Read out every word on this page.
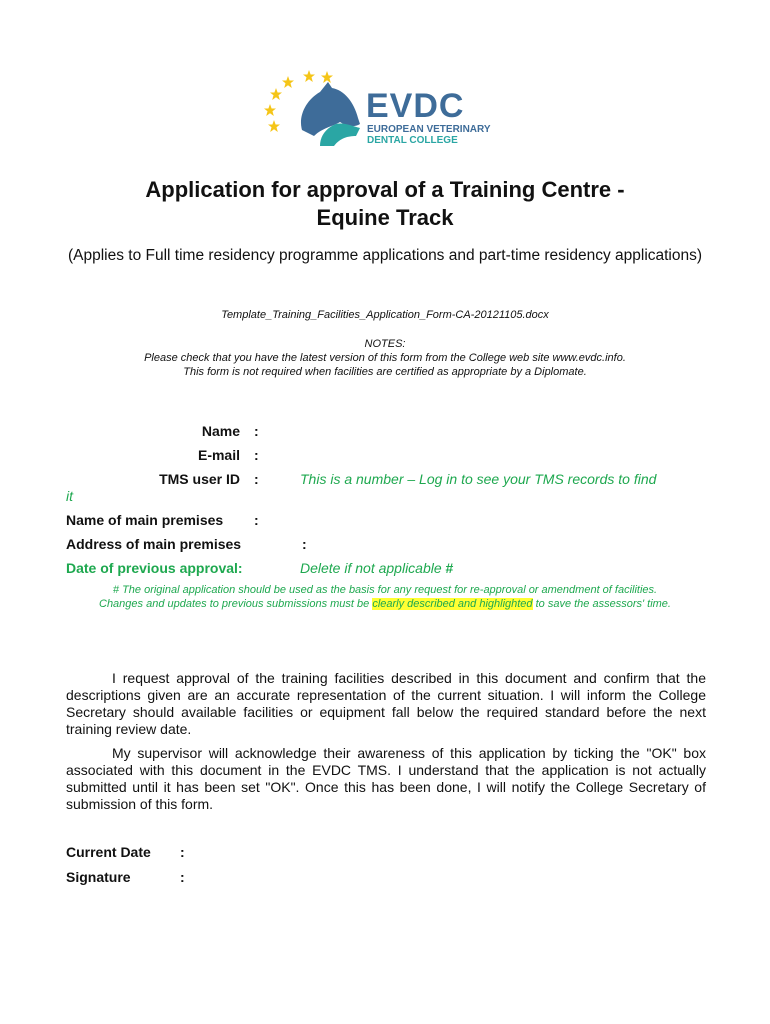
EVDC
EUROPEAN VETERINARY
DENTAL COLLEGE
Application for approval of a Training Centre -
Equine Track
(Applies to Full time residency programme applications and part-time residency applications)
Template_Training_Facilities_Application_Form-CA-20121105.docx
NOTES:
Please check that you have the latest version of this form from the College web site www.evdc.info.
This form is not required when facilities are certified as appropriate by a Diplomate.
Name :
E-mail :
TMS user ID :	This is a number – Log in to see your TMS records to find
it
Name of main premises :
Address of main premises	:
Date of previous approval:	Delete if not applicable #
# The original application should be used as the basis for any request for re-approval or amendment of facilities.
Changes and updates to previous submissions must be clearly described and highlighted to save the assessors' time.
I request approval of the training facilities described in this document and confirm that the descriptions given are an accurate representation of the current situation. I will inform the College Secretary should available facilities or equipment fall below the required standard before the next training review date.
My supervisor will acknowledge their awareness of this application by ticking the "OK" box associated with this document in the EVDC TMS. I understand that the application is not actually submitted until it has been set "OK". Once this has been done, I will notify the College Secretary of submission of this form.
Current Date :
Signature	:
